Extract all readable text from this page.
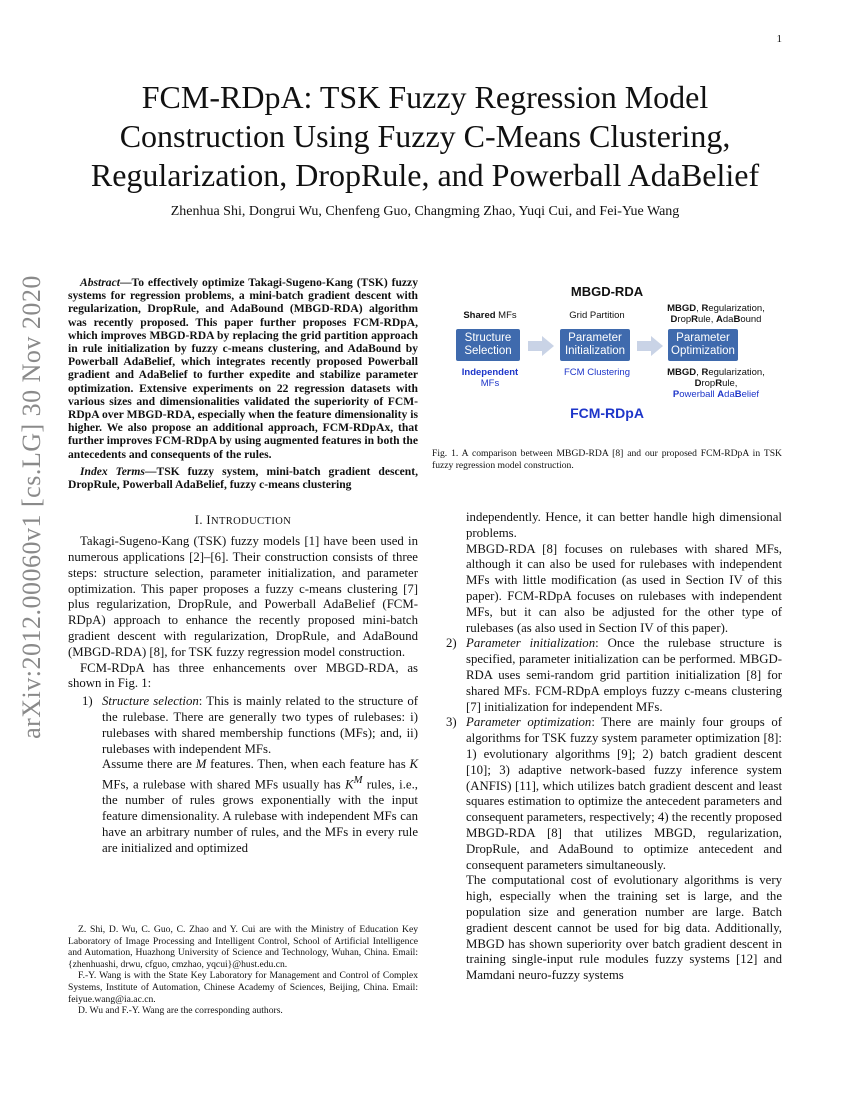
1
arXiv:2012.00060v1 [cs.LG] 30 Nov 2020
FCM-RDpA: TSK Fuzzy Regression Model Construction Using Fuzzy C-Means Clustering, Regularization, DropRule, and Powerball AdaBelief
Zhenhua Shi, Dongrui Wu, Chenfeng Guo, Changming Zhao, Yuqi Cui, and Fei-Yue Wang

Abstract—To effectively optimize Takagi-Sugeno-Kang (TSK) fuzzy systems for regression problems, a mini-batch gradient descent with regularization, DropRule, and AdaBound (MBGD-RDA) algorithm was recently proposed. This paper further proposes FCM-RDpA, which improves MBGD-RDA by replacing the grid partition approach in rule initialization by fuzzy c-means clustering, and AdaBound by Powerball AdaBelief, which integrates recently proposed Powerball gradient and AdaBelief to further expedite and stabilize parameter optimization. Extensive experiments on 22 regression datasets with various sizes and dimensionalities validated the superiority of FCM-RDpA over MBGD-RDA, especially when the feature dimensionality is higher. We also propose an additional approach, FCM-RDpAx, that further improves FCM-RDpA by using augmented features in both the antecedents and consequents of the rules.

Index Terms—TSK fuzzy system, mini-batch gradient descent, DropRule, Powerball AdaBelief, fuzzy c-means clustering

I. INTRODUCTION

Takagi-Sugeno-Kang (TSK) fuzzy models [1] have been used in numerous applications [2]–[6]. Their construction consists of three steps: structure selection, parameter initialization, and parameter optimization. This paper proposes a fuzzy c-means clustering [7] plus regularization, DropRule, and Powerball AdaBelief (FCM-RDpA) approach to enhance the recently proposed mini-batch gradient descent with regularization, DropRule, and AdaBound (MBGD-RDA) [8], for TSK fuzzy regression model construction.

FCM-RDpA has three enhancements over MBGD-RDA, as shown in Fig. 1:

1) Structure selection: This is mainly related to the structure of the rulebase. There are generally two types of rulebases: i) rulebases with shared membership functions (MFs); and, ii) rulebases with independent MFs.
Assume there are M features. Then, when each feature has K MFs, a rulebase with shared MFs usually has $K^M$ rules, i.e., the number of rules grows exponentially with the input feature dimensionality. A rulebase with independent MFs can have an arbitrary number of rules, and the MFs in every rule are initialized and optimized

Z. Shi, D. Wu, C. Guo, C. Zhao and Y. Cui are with the Ministry of Education Key Laboratory of Image Processing and Intelligent Control, School of Artificial Intelligence and Automation, Huazhong University of Science and Technology, Wuhan, China. Email: {zhenhuashi, drwu, cfguo, cmzhao, yqcui}@hust.edu.cn.

F.-Y. Wang is with the State Key Laboratory for Management and Control of Complex Systems, Institute of Automation, Chinese Academy of Sciences, Beijing, China. Email: feiyue.wang@ia.ac.cn.

D. Wu and F.-Y. Wang are the corresponding authors.

MBGD-RDA
Shared MFs	Grid Partition
MBGD, Regularization,
DropRule, AdaBound
Structure Selection
Parameter Initialization
Parameter Optimization
Independent
MFs
FCM Clustering	MBGD, Regularization,
DropRule,
Powerball AdaBelief
FCM-RDpA

Fig. 1. A comparison between MBGD-RDA [8] and our proposed FCM-RDpA in TSK fuzzy regression model construction.

independently. Hence, it can better handle high dimensional problems.
MBGD-RDA [8] focuses on rulebases with shared MFs, although it can also be used for rulebases with independent MFs with little modification (as used in Section IV of this paper). FCM-RDpA focuses on rulebases with independent MFs, but it can also be adjusted for the other type of rulebases (as also used in Section IV of this paper).
2) Parameter initialization: Once the rulebase structure is specified, parameter initialization can be performed. MBGD-RDA uses semi-random grid partition initialization [8] for shared MFs. FCM-RDpA employs fuzzy c-means clustering [7] initialization for independent MFs.
3) Parameter optimization: There are mainly four groups of algorithms for TSK fuzzy system parameter optimization [8]: 1) evolutionary algorithms [9]; 2) batch gradient descent [10]; 3) adaptive network-based fuzzy inference system (ANFIS) [11], which utilizes batch gradient descent and least squares estimation to optimize the antecedent parameters and consequent parameters, respectively; 4) the recently proposed MBGD-RDA [8] that utilizes MBGD, regularization, DropRule, and AdaBound to optimize antecedent and consequent parameters simultaneously.
The computational cost of evolutionary algorithms is very high, especially when the training set is large, and the population size and generation number are large. Batch gradient descent cannot be used for big data. Additionally, MBGD has shown superiority over batch gradient descent in training single-input rule modules fuzzy systems [12] and Mamdani neuro-fuzzy systems
